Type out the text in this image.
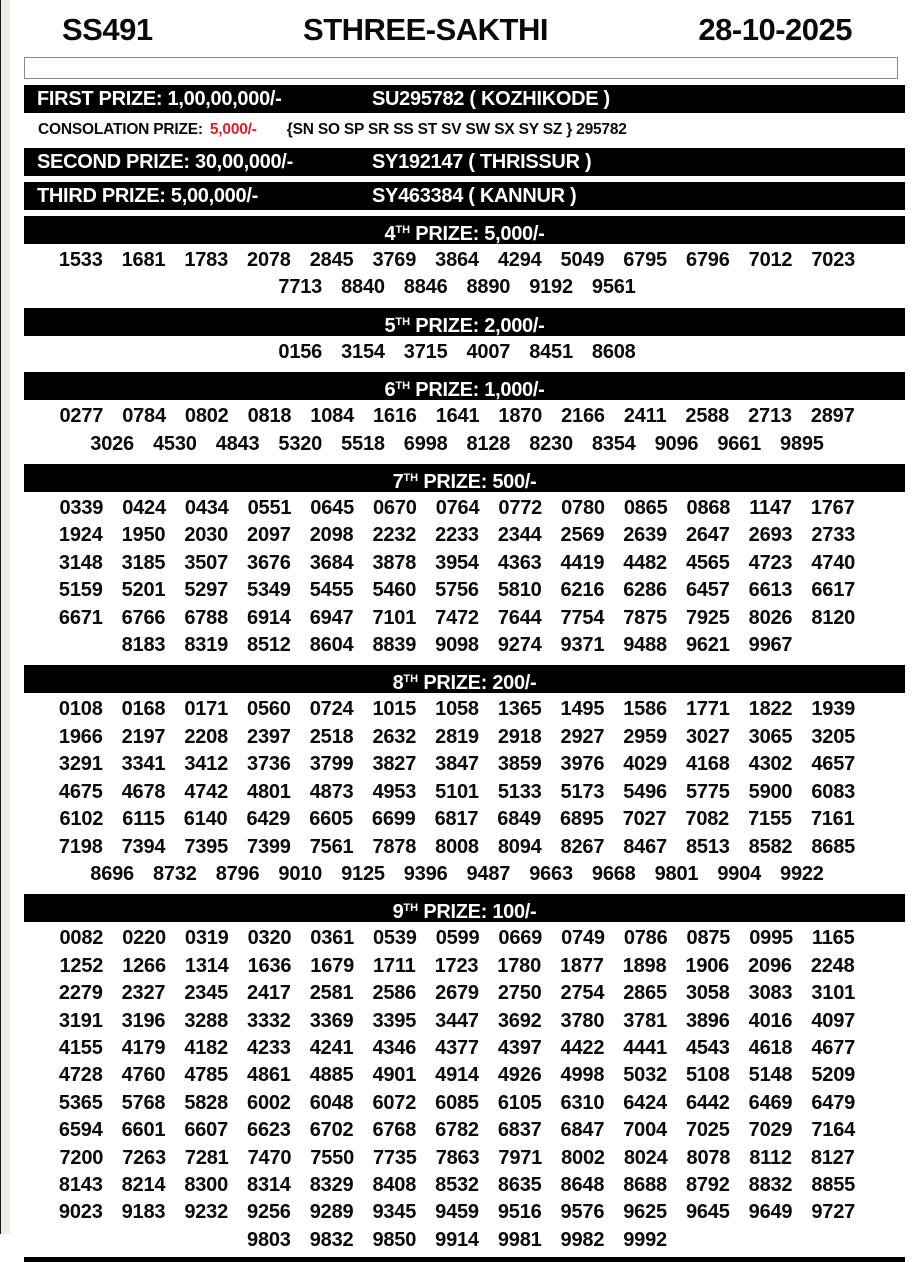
SS491	STHREE-SAKTHI	28-10-2025
FIRST PRIZE: 1,00,00,000/-	SU295782 ( KOZHIKODE )
CONSOLATION PRIZE: 5,000/- {SN SO SP SR SS ST SV SW SX SY SZ } 295782
SECOND PRIZE: 30,00,000/-	SY192147 ( THRISSUR )
THIRD PRIZE: 5,00,000/-	SY463384 ( KANNUR )
4TH PRIZE: 5,000/-
1533 1681 1783 2078 2845 3769 3864 4294 5049 6795 6796 7012 7023
7713 8840 8846 8890 9192 9561
5TH PRIZE: 2,000/-
0156 3154 3715 4007 8451 8608
6TH PRIZE: 1,000/-
0277 0784 0802 0818 1084 1616 1641 1870 2166 2411 2588 2713 2897
3026 4530 4843 5320 5518 6998 8128 8230 8354 9096 9661 9895
7TH PRIZE: 500/-
0339 0424 0434 0551 0645 0670 0764 0772 0780 0865 0868 1147 1767
1924 1950 2030 2097 2098 2232 2233 2344 2569 2639 2647 2693 2733
3148 3185 3507 3676 3684 3878 3954 4363 4419 4482 4565 4723 4740
5159 5201 5297 5349 5455 5460 5756 5810 6216 6286 6457 6613 6617
6671 6766 6788 6914 6947 7101 7472 7644 7754 7875 7925 8026 8120
8183 8319 8512 8604 8839 9098 9274 9371 9488 9621 9967
8TH PRIZE: 200/-
0108 0168 0171 0560 0724 1015 1058 1365 1495 1586 1771 1822 1939
1966 2197 2208 2397 2518 2632 2819 2918 2927 2959 3027 3065 3205
3291 3341 3412 3736 3799 3827 3847 3859 3976 4029 4168 4302 4657
4675 4678 4742 4801 4873 4953 5101 5133 5173 5496 5775 5900 6083
6102 6115 6140 6429 6605 6699 6817 6849 6895 7027 7082 7155 7161
7198 7394 7395 7399 7561 7878 8008 8094 8267 8467 8513 8582 8685
8696 8732 8796 9010 9125 9396 9487 9663 9668 9801 9904 9922
9TH PRIZE: 100/-
0082 0220 0319 0320 0361 0539 0599 0669 0749 0786 0875 0995 1165
1252 1266 1314 1636 1679 1711 1723 1780 1877 1898 1906 2096 2248
2279 2327 2345 2417 2581 2586 2679 2750 2754 2865 3058 3083 3101
3191 3196 3288 3332 3369 3395 3447 3692 3780 3781 3896 4016 4097
4155 4179 4182 4233 4241 4346 4377 4397 4422 4441 4543 4618 4677
4728 4760 4785 4861 4885 4901 4914 4926 4998 5032 5108 5148 5209
5365 5768 5828 6002 6048 6072 6085 6105 6310 6424 6442 6469 6479
6594 6601 6607 6623 6702 6768 6782 6837 6847 7004 7025 7029 7164
7200 7263 7281 7470 7550 7735 7863 7971 8002 8024 8078 8112 8127
8143 8214 8300 8314 8329 8408 8532 8635 8648 8688 8792 8832 8855
9023 9183 9232 9256 9289 9345 9459 9516 9576 9625 9645 9649 9727
9803 9832 9850 9914 9981 9982 9992
